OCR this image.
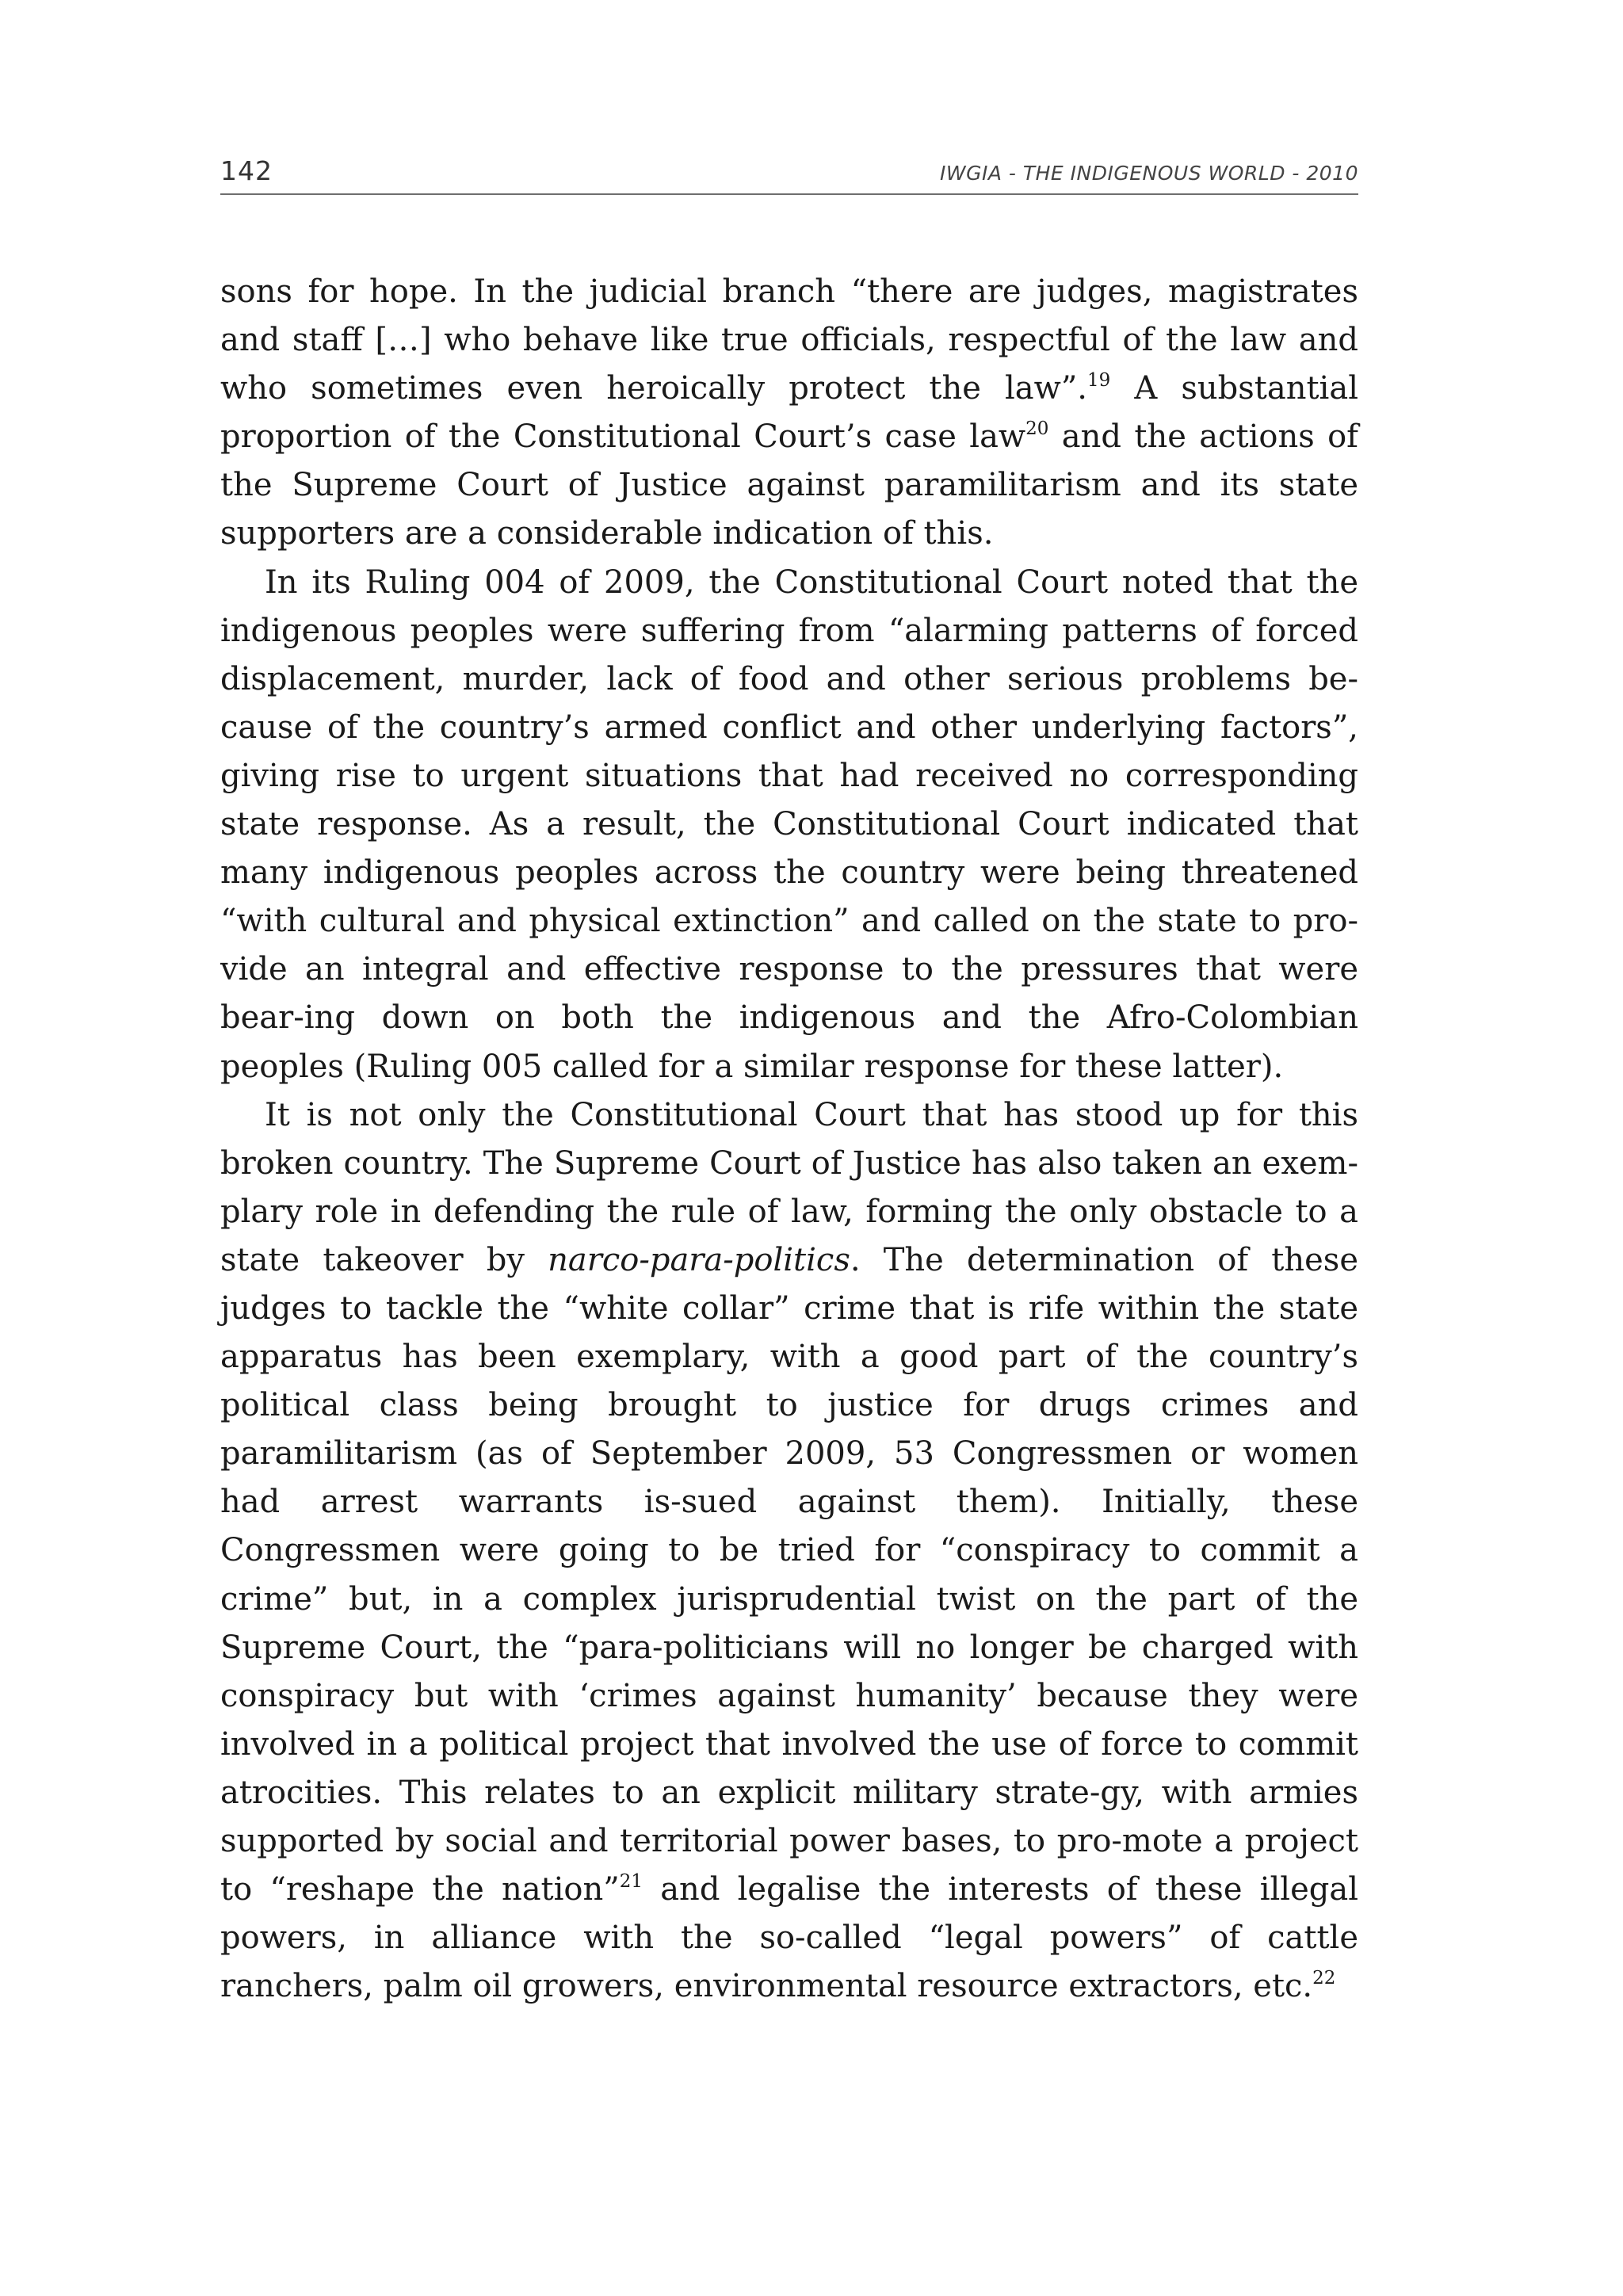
142	IWGIA - THE INDIGENOUS WORLD - 2010

sons for hope. In the judicial branch “there are judges, magistrates and staff […] who behave like true officials, respectful of the law and who sometimes even heroically protect the law”.$^{19}$ A substantial proportion of the Constitutional Court’s case law$^{20}$ and the actions of the Supreme Court of Justice against paramilitarism and its state supporters are a considerable indication of this.

In its Ruling 004 of 2009, the Constitutional Court noted that the indigenous peoples were suffering from “alarming patterns of forced displacement, murder, lack of food and other serious problems be-cause of the country’s armed conflict and other underlying factors”, giving rise to urgent situations that had received no corresponding state response. As a result, the Constitutional Court indicated that many indigenous peoples across the country were being threatened “with cultural and physical extinction” and called on the state to pro-vide an integral and effective response to the pressures that were bear-ing down on both the indigenous and the Afro-Colombian peoples (Ruling 005 called for a similar response for these latter).

It is not only the Constitutional Court that has stood up for this broken country. The Supreme Court of Justice has also taken an exem-plary role in defending the rule of law, forming the only obstacle to a state takeover by narco-para-politics. The determination of these judges to tackle the “white collar” crime that is rife within the state apparatus has been exemplary, with a good part of the country’s political class being brought to justice for drugs crimes and paramilitarism (as of September 2009, 53 Congressmen or women had arrest warrants is-sued against them). Initially, these Congressmen were going to be tried for “conspiracy to commit a crime” but, in a complex jurisprudential twist on the part of the Supreme Court, the “para-politicians will no longer be charged with conspiracy but with ‘crimes against humanity’ because they were involved in a political project that involved the use of force to commit atrocities. This relates to an explicit military strate-gy, with armies supported by social and territorial power bases, to pro-mote a project to “reshape the nation”$^{21}$ and legalise the interests of these illegal powers, in alliance with the so-called “legal powers” of cattle ranchers, palm oil growers, environmental resource extractors, etc.$^{22}$
